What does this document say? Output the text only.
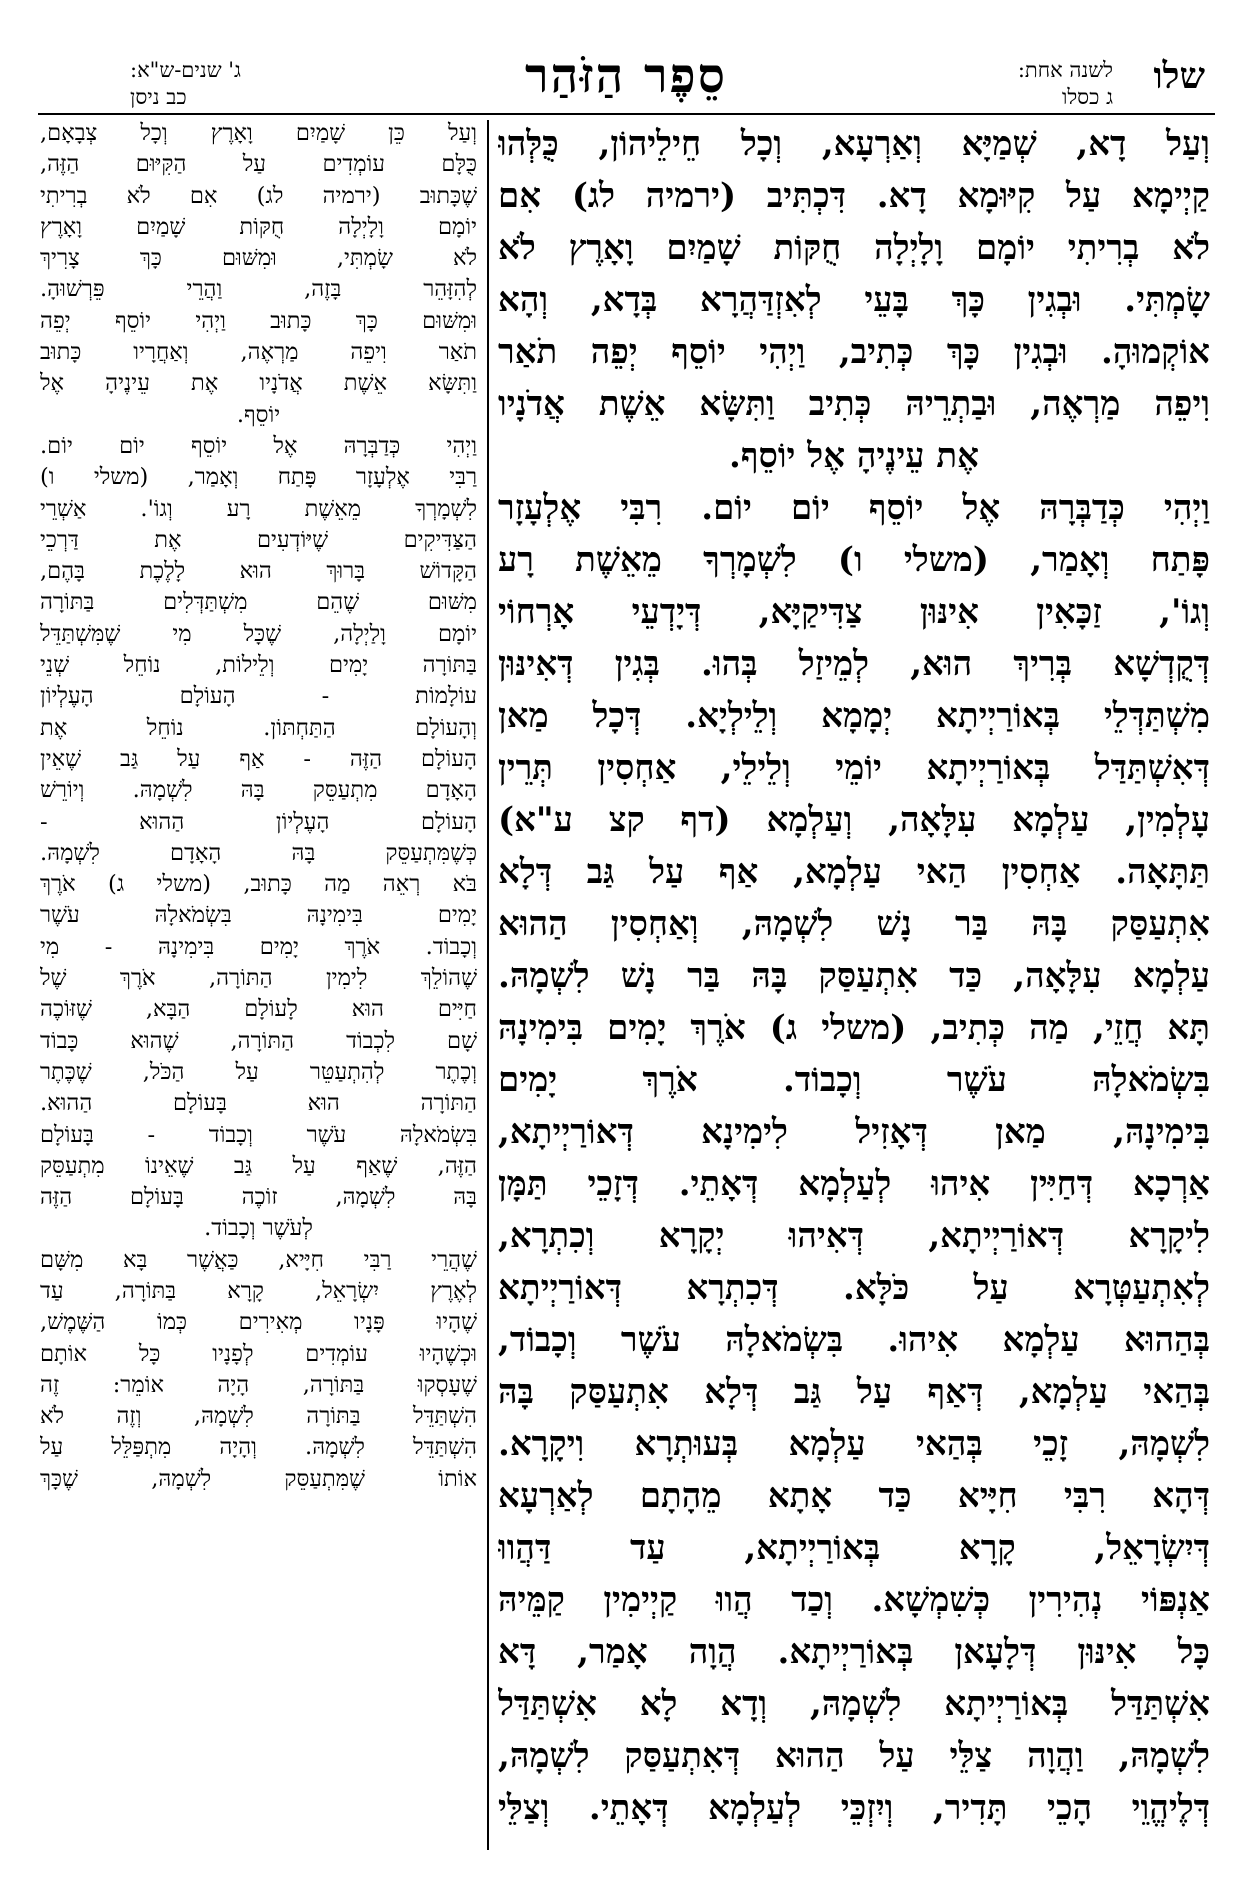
שלו
לשנה אחת:
ג כסלו
סֵפֶר הַזֹּהַר
ג' שנים-ש"א:
כב ניסן

וְעַל דָא, שְׁמַיָּא וְאַרְעָא, וְכָל חֵילֵיהוֹן, כֻּלְּהוּ

קַיְימָא עַל קִיּוּמָא דָא. דִּכְתִּיב (ירמיה לג) אִם

לֹא בְרִיתִי יוֹמָם וָלָיְלָה חֻקּוֹת שָׁמַיִם וָאָרֶץ לֹא

שָׂמְתִּי. וּבְגִין כָּךְ בָּעֵי לְאִזְדַּהֲרָא בְּדָא, וְהָא

אוֹקְמוּהָ. וּבְגִין כָּךְ כְּתִיב, וַיְהִי יוֹסֵף יְפֵה תֹאַר

וִיפֵה מַרְאֶה, וּבַתְרֵיהּ כְּתִיב וַתִּשָּׂא אֵשֶׁת אֲדֹנָיו

אֶת עֵינֶיהָ אֶל יוֹסֵף.

וַיְהִי כְּדַבְּרָהּ אֶל יוֹסֵף יוֹם יוֹם. רִבִּי אֶלְעָזָר

פָּתַח וְאָמַר, (משלי ו) לִשְׁמָרְךָ מֵאֵשֶׁת רָע

וְגוֹ', זַכָּאִין אִינּוּן צַדִּיקַיָּא, דְּיָדְעֵי אָרְחוֹי

דְּקֻדְשָׁא בְּרִיךְ הוּא, לְמֵיזַל בְּהוּ. בְּגִין דְּאִינּוּן

מִשְׁתַּדְּלֵי בְּאוֹרַיְיתָא יְמָמָא וְלֵילְיָא. דְּכָל מַאן

דְּאִשְׁתַּדַּל בְּאוֹרַיְיתָא יוֹמֵי וְלֵילֵי, אַחְסִין תְּרֵין

עָלְמִין, עַלְמָא עִלָּאָה, וְעַלְמָא (דף קצ ע"א)

תַּתָּאָה. אַחְסִין הַאי עַלְמָא, אַף עַל גַּב דְּלָא

אִתְעַסַּק בָּהּ בַּר נָשׁ לִשְׁמָהּ, וְאַחְסִין הַהוּא

עַלְמָא עִלָּאָה, כַּד אִתְעַסַּק בָּהּ בַּר נָשׁ לִשְׁמָהּ.

תָּא חֲזֵי, מַה כְּתִיב, (משלי ג) אֹרֶךְ יָמִים בִּימִינָהּ

בִּשְׂמֹאלָהּ עֹשֶׁר וְכָבוֹד. אֹרֶךְ יָמִים

בִּימִינָהּ, מַאן דְּאָזִיל לִימִינָא דְּאוֹרַיְיתָא,

אַרְכָא דְּחַיִּין אִיהוּ לְעַלְמָא דְּאָתֵי. דְּזָכֵי תַּמָּן

לִיקָרָא דְּאוֹרַיְיתָא, דְּאִיהוּ יְקָרָא וְכִתְרָא,

לְאִתְעַטְּרָא עַל כֹּלָּא. דְּכִתְרָא דְּאוֹרַיְיתָא

בְּהַהוּא עַלְמָא אִיהוּ. בִּשְׂמֹאלָהּ עֹשֶׁר וְכָבוֹד,

בְּהַאי עַלְמָא, דְּאַף עַל גַּב דְּלָא אִתְעַסַּק בָּהּ

לִשְׁמָהּ, זָכֵי בְּהַאי עַלְמָא בְּעוּתְרָא וִיקָרָא.

דְּהָא רִבִּי חִיָּיא כַּד אָתָא מֵהָתָם לְאַרְעָא

דְּיִשְׂרָאֵל, קָרָא בְּאוֹרַיְיתָא, עַד דַּהֲווּ

אַנְפּוֹי נְהִירִין כְּשִׁמְשָׁא. וְכַד הֲווּ קַיְימִין קַמֵּיהּ

כָּל אִינּוּן דְּלָעָאן בְּאוֹרַיְיתָא. הֲוָה אָמַר, דָּא

אִשְׁתַּדַּל בְּאוֹרַיְיתָא לִשְׁמָהּ, וְדָא לָא אִשְׁתַּדַּל

לִשְׁמָהּ, וַהֲוָה צַלֵּי עַל הַהוּא דְּאִתְעַסַּק לִשְׁמָהּ,

דְּלֶיהֱוֵי הָכֵי תָּדִיר, וְיִזְכֵּי לְעַלְמָא דְּאָתֵי. וְצַלֵּי

וְעַל כֵּן שָׁמַיִם וָאָרֶץ וְכָל צְבָאָם,

כֻּלָּם עוֹמְדִים עַל הַקִּיּוּם הַזֶּה,

שֶׁכָּתוּב (ירמיה לג) אִם לֹא בְרִיתִי

יוֹמָם וָלָיְלָה חֻקּוֹת שָׁמַיִם וָאָרֶץ

לֹא שָׂמְתִּי, וּמִשּׁוּם כָּךְ צָרִיךְ

לְהִזָּהֵר בָּזֶה, וַהֲרֵי פֵּרְשׁוּהָ.

וּמִשּׁוּם כָּךְ כָּתוּב וַיְהִי יוֹסֵף יְפֵה

תֹאַר וִיפֵה מַרְאֶה, וְאַחֲרָיו כָּתוּב

וַתִּשָּׂא אֵשֶׁת אֲדֹנָיו אֶת עֵינֶיהָ אֶל

יוֹסֵף.

וַיְהִי כְּדַבְּרָהּ אֶל יוֹסֵף יוֹם יוֹם.

רַבִּי אֶלְעָזָר פָּתַח וְאָמַר, (משלי ו)

לִשְׁמָרְךָ מֵאֵשֶׁת רָע וְגוֹ'. אַשְׁרֵי

הַצַּדִּיקִים שֶׁיּוֹדְעִים אֶת דַּרְכֵי

הַקָּדוֹשׁ בָּרוּךְ הוּא לָלֶכֶת בָּהֶם,

מִשּׁוּם שֶׁהֵם מִשְׁתַּדְּלִים בַּתּוֹרָה

יוֹמָם וָלַיְלָה, שֶׁכָּל מִי שֶׁמִּשְׁתַּדֵּל

בַּתּוֹרָה יָמִים וְלֵילוֹת, נוֹחֵל שְׁנֵי

עוֹלָמוֹת - הָעוֹלָם הָעֶלְיוֹן

וְהָעוֹלָם הַתַּחְתּוֹן. נוֹחֵל אֶת

הָעוֹלָם הַזֶּה - אַף עַל גַּב שֶׁאֵין

הָאָדָם מִתְעַסֵּק בָּהּ לִשְׁמָהּ. וְיוֹרֵשׁ

הָעוֹלָם הָעֶלְיוֹן הַהוּא -

כְּשֶׁמִּתְעַסֵּק בָּהּ הָאָדָם לִשְׁמָהּ.

בֹּא רְאֵה מַה כָּתוּב, (משלי ג) אֹרֶךְ

יָמִים בִּימִינָהּ בִּשְׂמֹאלָהּ עֹשֶׁר

וְכָבוֹד. אֹרֶךְ יָמִים בִּימִינָהּ - מִי

שֶׁהוֹלֵךְ לִימִין הַתּוֹרָה, אֹרֶךְ שֶׁל

חַיִּים הוּא לָעוֹלָם הַבָּא, שֶׁזּוֹכֶה

שָׁם לִכְבוֹד הַתּוֹרָה, שֶׁהוּא כָּבוֹד

וְכֶתֶר לְהִתְעַטֵּר עַל הַכֹּל, שֶׁכֶּתֶר

הַתּוֹרָה הוּא בָּעוֹלָם הַהוּא.

בִּשְׂמֹאלָהּ עֹשֶׁר וְכָבוֹד - בָּעוֹלָם

הַזֶּה, שֶׁאַף עַל גַּב שֶׁאֵינוֹ מִתְעַסֵּק

בָּהּ לִשְׁמָהּ, זוֹכֶה בָּעוֹלָם הַזֶּה

לְעֹשֶׁר וְכָבוֹד.

שֶׁהֲרֵי רַבִּי חִיָּיא, כַּאֲשֶׁר בָּא מִשָּׁם

לְאֶרֶץ יִשְׂרָאֵל, קָרָא בַּתּוֹרָה, עַד

שֶׁהָיוּ פָּנָיו מְאִירִים כְּמוֹ הַשֶּׁמֶשׁ,

וּכְשֶׁהָיוּ עוֹמְדִים לְפָנָיו כָּל אוֹתָם

שֶׁעָסְקוּ בַּתּוֹרָה, הָיָה אוֹמֵר: זֶה

הִשְׁתַּדֵּל בַּתּוֹרָה לִשְׁמָהּ, וְזֶה לֹא

הִשְׁתַּדֵּל לִשְׁמָהּ. וְהָיָה מִתְפַּלֵּל עַל

אוֹתוֹ שֶׁמִּתְעַסֵּק לִשְׁמָהּ, שֶׁכָּךְ
